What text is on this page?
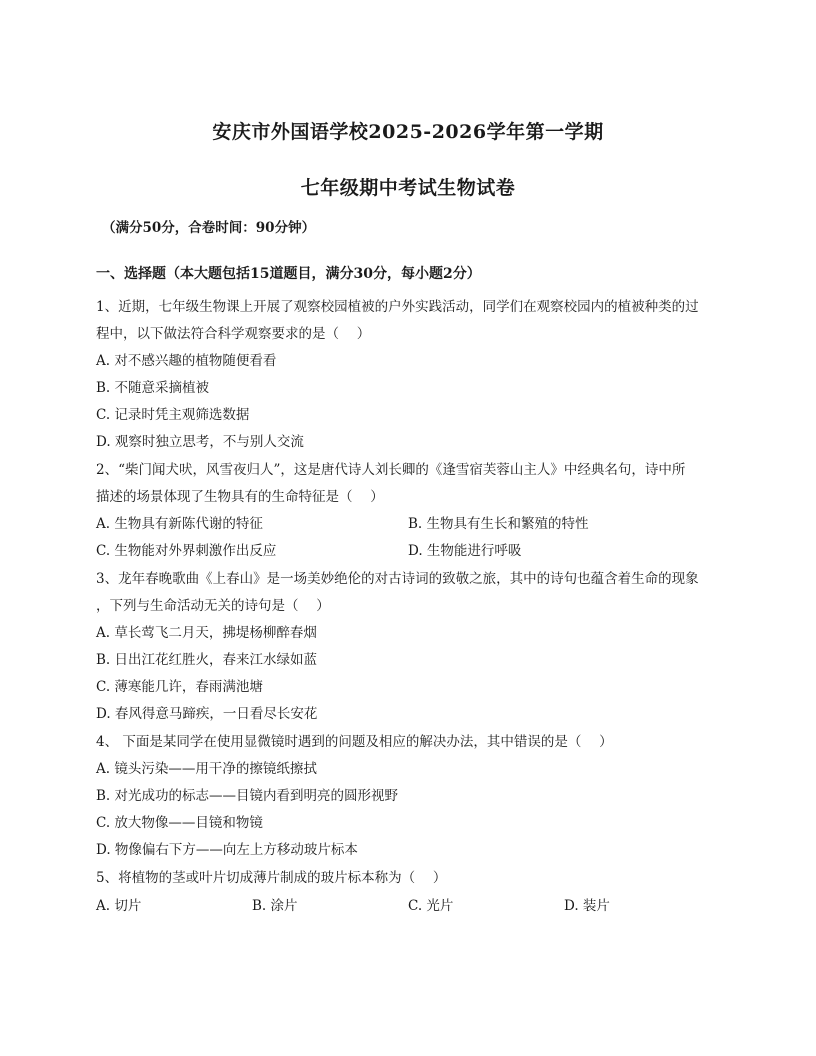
安庆市外国语学校2025-2026学年第一学期
七年级期中考试生物试卷
（满分50分，合卷时间：90分钟）
一、选择题（本大题包括15道题目，满分30分，每小题2分）
1、近期，七年级生物课上开展了观察校园植被的户外实践活动，同学们在观察校园内的植被种类的过
程中，以下做法符合科学观察要求的是（　 ）
A. 对不感兴趣的植物随便看看
B. 不随意采摘植被
C. 记录时凭主观筛选数据
D. 观察时独立思考，不与别人交流
2、“柴门闻犬吠，风雪夜归人”，这是唐代诗人刘长卿的《逢雪宿芙蓉山主人》中经典名句，诗中所
描述的场景体现了生物具有的生命特征是（　 ）
A. 生物具有新陈代谢的特征	B. 生物具有生长和繁殖的特性
C. 生物能对外界刺激作出反应	D. 生物能进行呼吸
3、龙年春晚歌曲《上春山》是一场美妙绝伦的对古诗词的致敬之旅，其中的诗句也蕴含着生命的现象
，下列与生命活动无关的诗句是（　 ）
A. 草长莺飞二月天，拂堤杨柳醉春烟
B. 日出江花红胜火，春来江水绿如蓝
C. 薄寒能几许，春雨满池塘
D. 春风得意马蹄疾，一日看尽长安花
4、 下面是某同学在使用显微镜时遇到的问题及相应的解决办法，其中错误的是（　 ）
A. 镜头污染——用干净的擦镜纸擦拭
B. 对光成功的标志——目镜内看到明亮的圆形视野
C. 放大物像——目镜和物镜
D. 物像偏右下方——向左上方移动玻片标本
5、将植物的茎或叶片切成薄片制成的玻片标本称为（　 ）
A. 切片	B. 涂片	C. 光片	D. 装片
